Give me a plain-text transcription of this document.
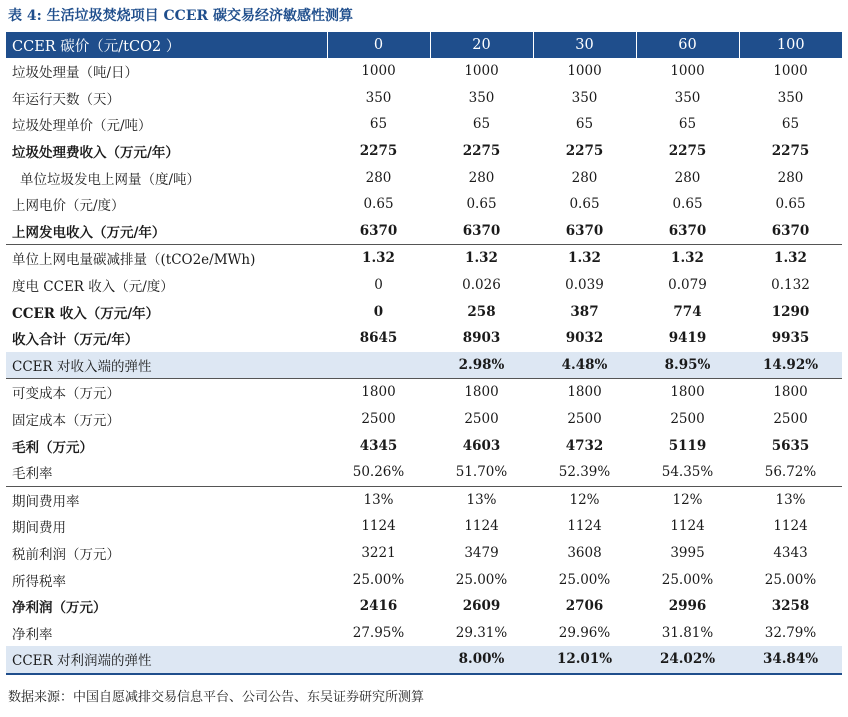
表 4: 生活垃圾焚烧项目 CCER 碳交易经济敏感性测算
CCER 碳价（元/tCO2 ）	0	20	30	60	100
垃圾处理量（吨/日）	1000	1000	1000	1000	1000
年运行天数（天）	350	350	350	350	350
垃圾处理单价（元/吨）	65	65	65	65	65
垃圾处理费收入（万元/年）	2275	2275	2275	2275	2275
单位垃圾发电上网量（度/吨）	280	280	280	280	280
上网电价（元/度）	0.65	0.65	0.65	0.65	0.65
上网发电收入（万元/年）	6370	6370	6370	6370	6370
单位上网电量碳减排量（(tCO2e/MWh)	1.32	1.32	1.32	1.32	1.32
度电 CCER 收入（元/度）	0	0.026	0.039	0.079	0.132
CCER 收入（万元/年）	0	258	387	774	1290
收入合计（万元/年）	8645	8903	9032	9419	9935
CCER 对收入端的弹性		2.98%	4.48%	8.95%	14.92%
可变成本（万元）	1800	1800	1800	1800	1800
固定成本（万元）	2500	2500	2500	2500	2500
毛利（万元）	4345	4603	4732	5119	5635
毛利率	50.26%	51.70%	52.39%	54.35%	56.72%
期间费用率	13%	13%	12%	12%	13%
期间费用	1124	1124	1124	1124	1124
税前利润（万元）	3221	3479	3608	3995	4343
所得税率	25.00%	25.00%	25.00%	25.00%	25.00%
净利润（万元）	2416	2609	2706	2996	3258
净利率	27.95%	29.31%	29.96%	31.81%	32.79%
CCER 对利润端的弹性		8.00%	12.01%	24.02%	34.84%
数据来源：中国自愿减排交易信息平台、公司公告、东吴证券研究所测算
